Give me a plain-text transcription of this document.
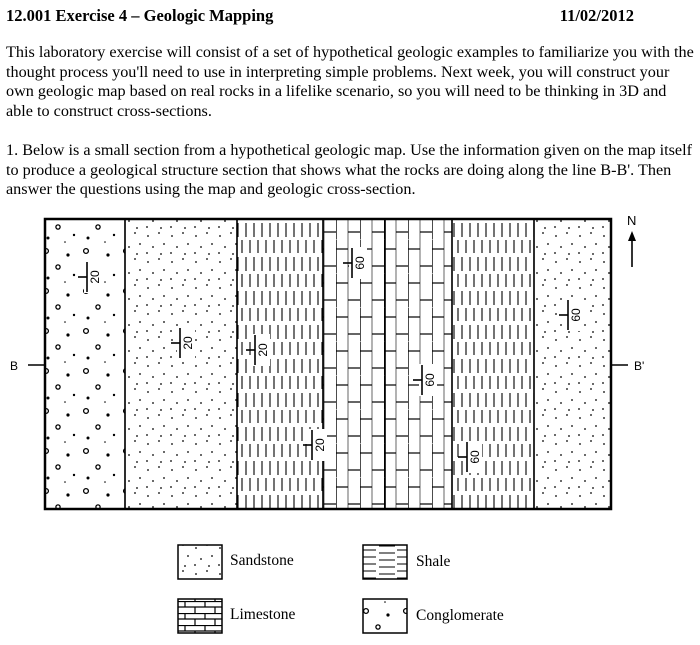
12.001 Exercise 4 – Geologic Mapping	11/02/2012
This laboratory exercise will consist of a set of hypothetical geologic examples to familiarize you with the thought process you'll need to use in interpreting simple problems. Next week, you will construct your own geologic map based on real rocks in a lifelike scenario, so you will need to be thinking in 3D and able to construct cross-sections.
1. Below is a small section from a hypothetical geologic map. Use the information given on the map itself to produce a geological structure section that shows what the rocks are doing along the line B-B'. Then answer the questions using the map and geologic cross-section.
20
20
20
20
60
60
60
60
B	B'
N
Sandstone	Shale
Limestone	Conglomerate
